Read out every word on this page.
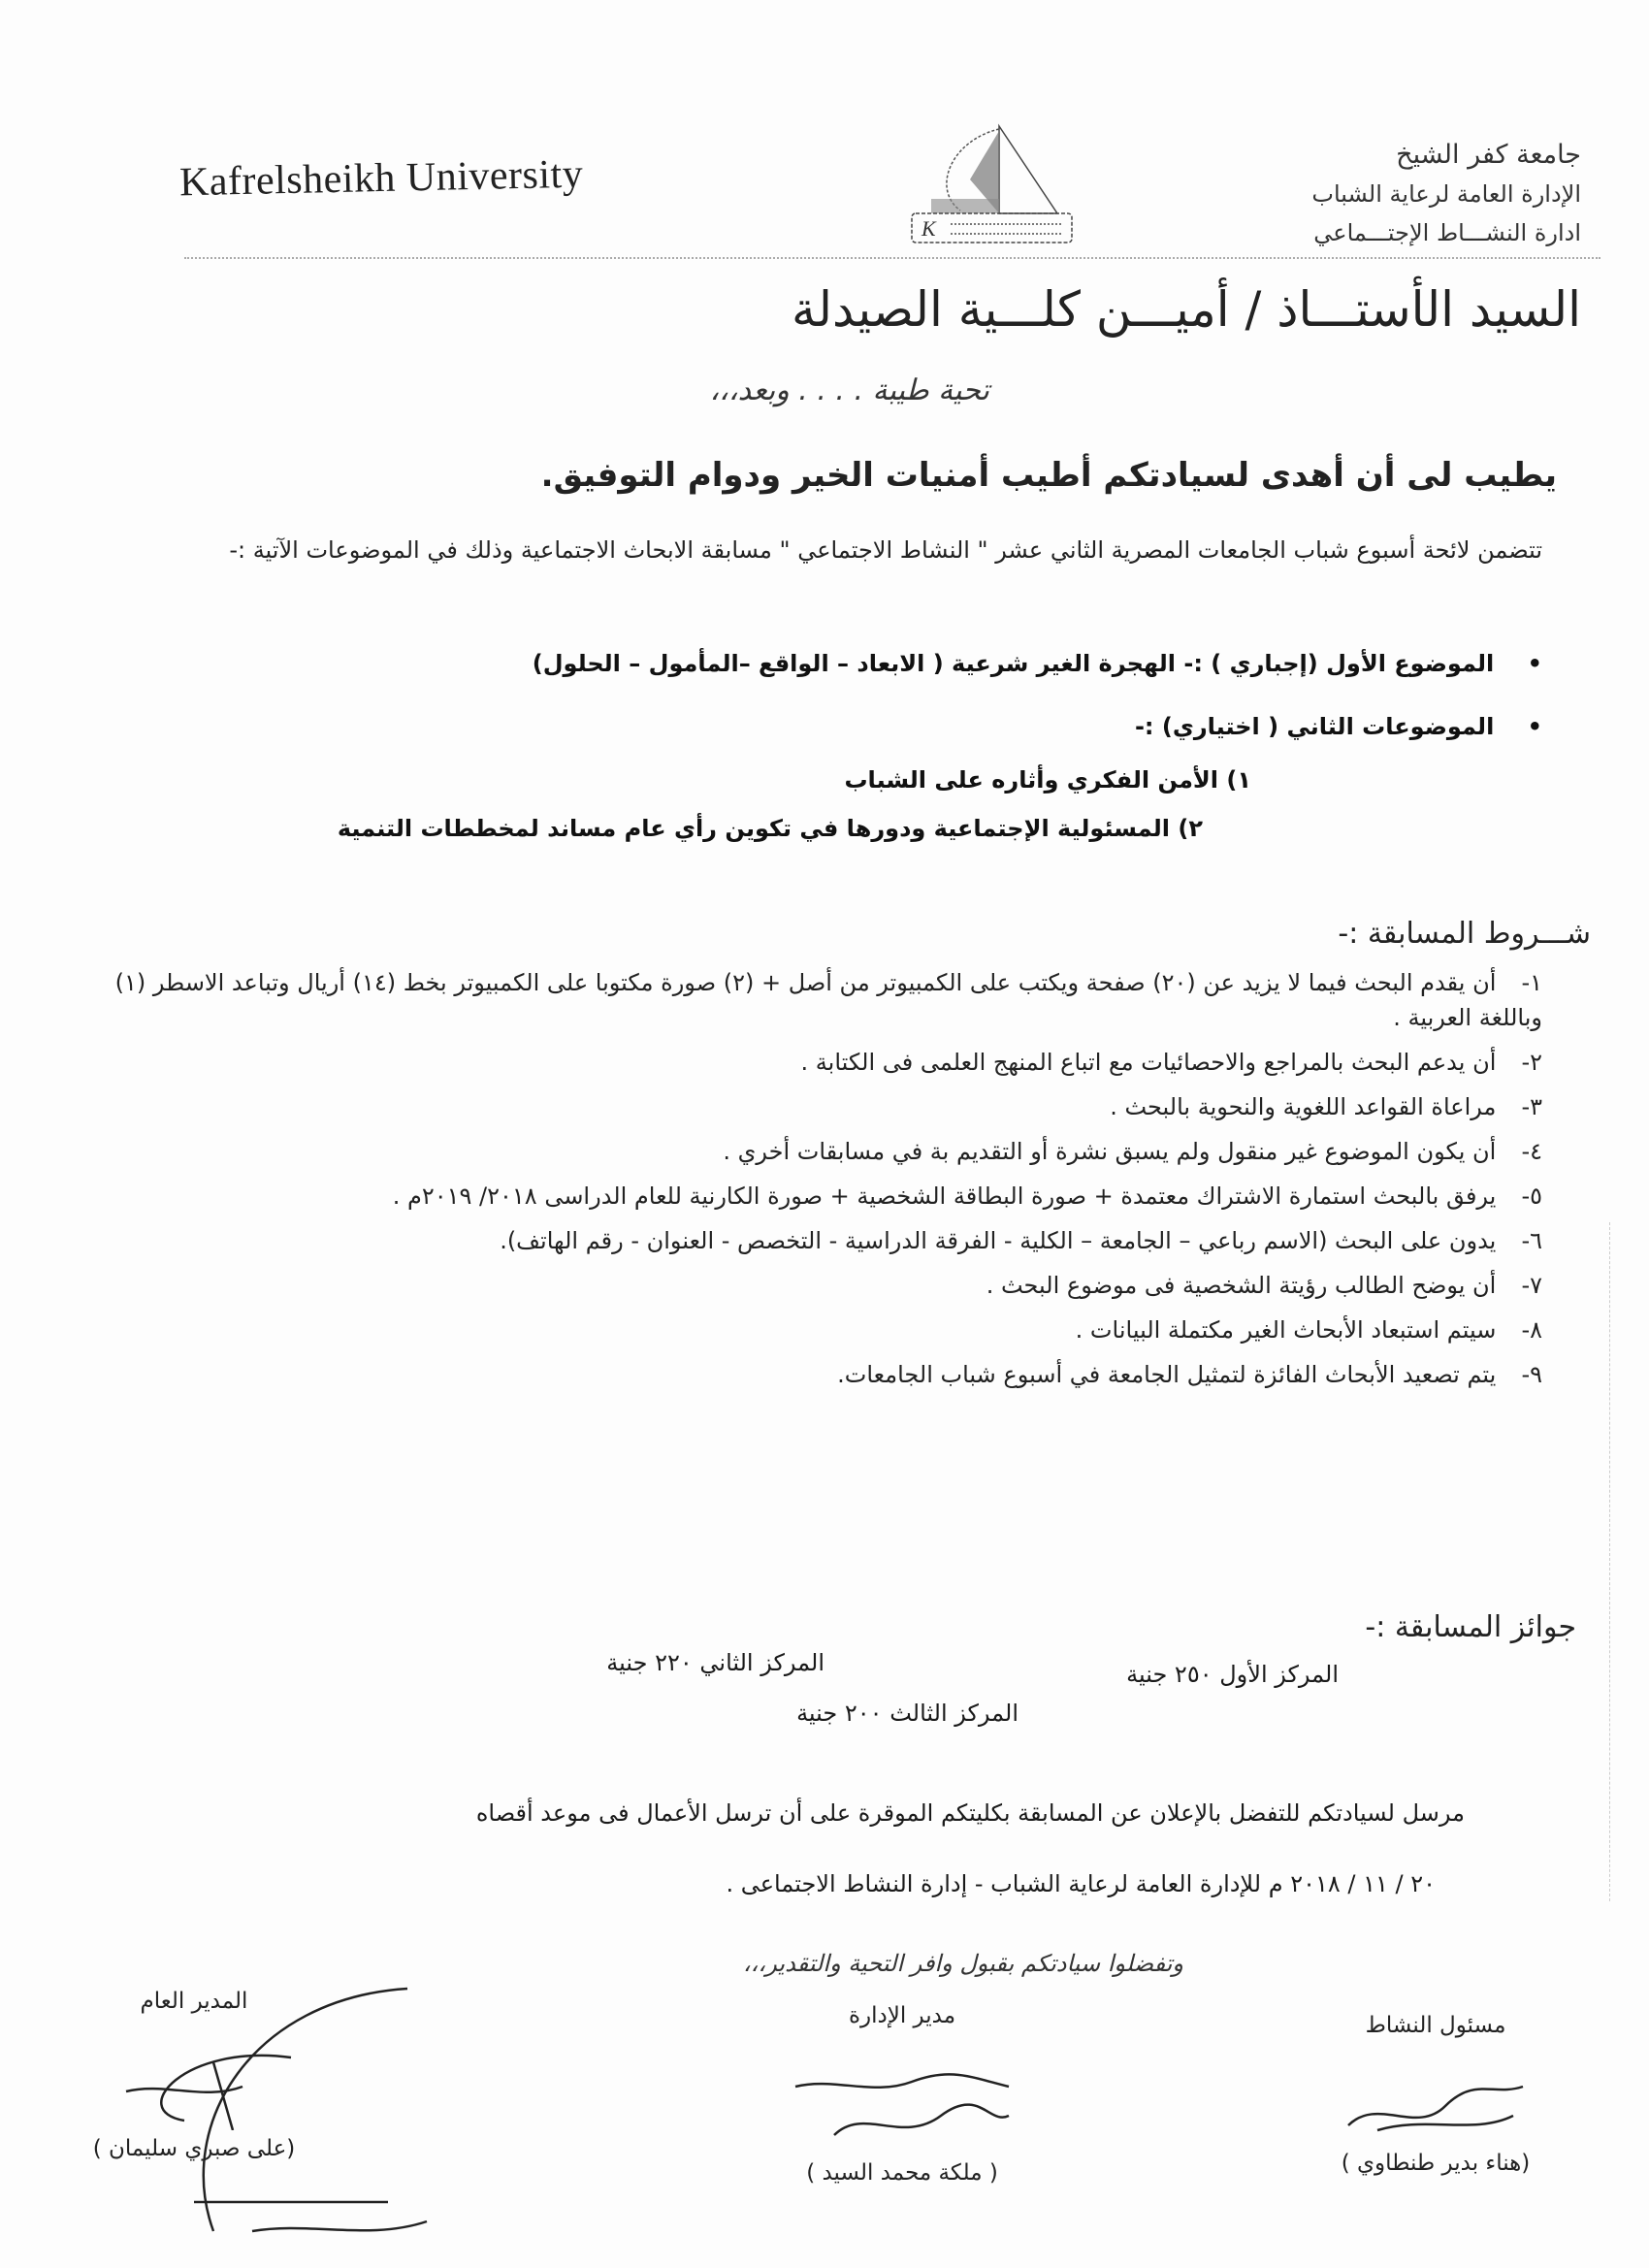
Kafrelsheikh University
K
جامعة كفر الشيخ
الإدارة العامة لرعاية الشباب
ادارة النشـــاط الإجتـــماعي
السيد الأستـــاذ / أميـــن كلـــية الصيدلة
تحية طيبة . . . . وبعد،،،
يطيب لى أن أهدى لسيادتكم أطيب أمنيات الخير ودوام التوفيق.
تتضمن لائحة أسبوع شباب الجامعات المصرية الثاني عشر " النشاط الاجتماعي " مسابقة الابحاث الاجتماعية وذلك في الموضوعات الآتية :-
• الموضوع الأول (إجباري ) :- الهجرة الغير شرعية ( الابعاد – الواقع –المأمول – الحلول)
• الموضوعات الثاني ( اختياري) :-
١) الأمن الفكري وأثاره على الشباب
٢) المسئولية الإجتماعية ودورها في تكوين رأي عام مساند لمخططات التنمية
شـــروط المسابقة :-
١- أن يقدم البحث فيما لا يزيد عن (٢٠) صفحة ويكتب على الكمبيوتر من أصل + (٢) صورة مكتوبا على الكمبيوتر بخط (١٤) أريال وتباعد الاسطر (١) وباللغة العربية .
٢- أن يدعم البحث بالمراجع والاحصائيات مع اتباع المنهج العلمى فى الكتابة .
٣- مراعاة القواعد اللغوية والنحوية بالبحث .
٤- أن يكون الموضوع غير منقول ولم يسبق نشرة أو التقديم بة في مسابقات أخري .
٥- يرفق بالبحث استمارة الاشتراك معتمدة + صورة البطاقة الشخصية + صورة الكارنية للعام الدراسى ٢٠١٨/ ٢٠١٩م .
٦- يدون على البحث (الاسم رباعي – الجامعة – الكلية - الفرقة الدراسية - التخصص - العنوان - رقم الهاتف).
٧- أن يوضح الطالب رؤيتة الشخصية فى موضوع البحث .
٨- سيتم استبعاد الأبحاث الغير مكتملة البيانات .
٩- يتم تصعيد الأبحاث الفائزة لتمثيل الجامعة في أسبوع شباب الجامعات.
جوائز المسابقة :-
المركز الأول ٢٥٠ جنية
المركز الثاني ٢٢٠ جنية
المركز الثالث ٢٠٠ جنية
مرسل لسيادتكم للتفضل بالإعلان عن المسابقة بكليتكم الموقرة على أن ترسل الأعمال فى موعد أقصاه
٢٠ / ١١ / ٢٠١٨ م للإدارة العامة لرعاية الشباب - إدارة النشاط الاجتماعى .
وتفضلوا سيادتكم بقبول وافر التحية والتقدير،،،
مسئول النشاط
(هناء بدير طنطاوي )
مدير الإدارة
( ملكة محمد السيد )
المدير العام
(على صبري سليمان )
